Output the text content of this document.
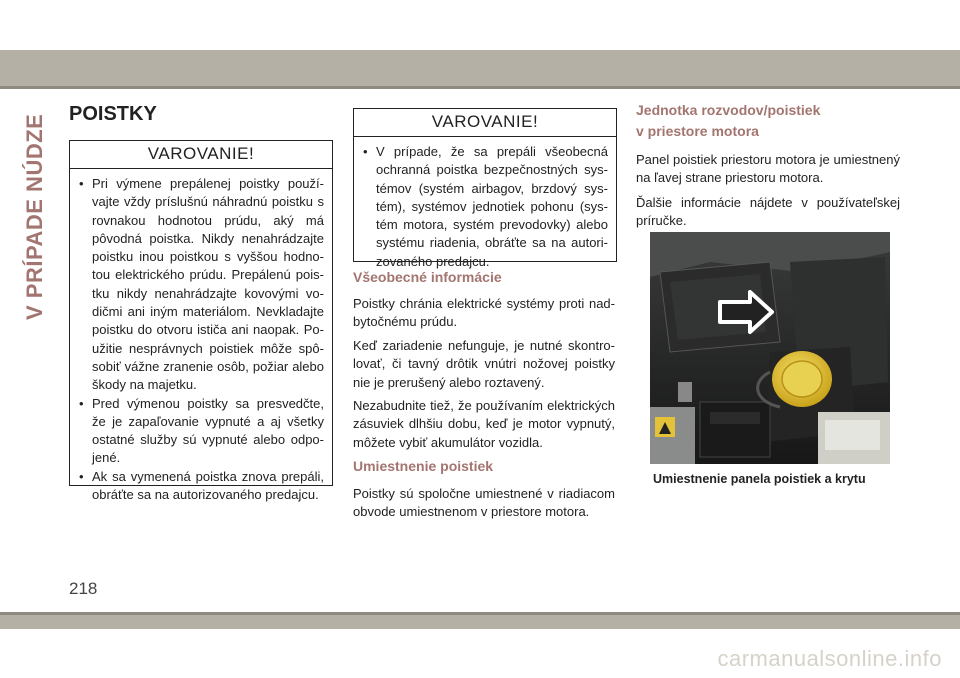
V PRÍPADE NÚDZE POISTKY
VAROVANIE!
• Pri výmene prepálenej poistky používajte vždy príslušnú náhradnú poistku s rovnakou hodnotou prúdu, aký má pôvodná poistka. Nikdy nenahrádzajte poistku inou poistkou s vyššou hodnotou elektrického prúdu. Prepálenú poistku nikdy nenahrádzajte kovovými vodičmi ani iným materiálom. Nevkladajte poistku do otvoru ističa ani naopak. Použitie nesprávnych poistiek môže spôsobiť vážne zranenie osôb, požiar alebo škody na majetku.
• Pred výmenou poistky sa presvedčte, že je zapaľovanie vypnuté a aj všetky ostatné služby sú vypnuté alebo odpojené.
• Ak sa vymenená poistka znova prepáli, obráťte sa na autorizovaného predajcu.
VAROVANIE!
• V prípade, že sa prepáli všeobecná ochranná poistka bezpečnostných systémov (systém airbagov, brzdový systém), systémov jednotiek pohonu (systém motora, systém prevodovky) alebo systému riadenia, obráťte sa na autorizovaného predajcu.
Všeobecné informácie
Poistky chránia elektrické systémy proti nadbytočnému prúdu.
Keď zariadenie nefunguje, je nutné skontrolovať, či tavný drôtik vnútri nožovej poistky nie je prerušený alebo roztavený.
Nezabudnite tiež, že používaním elektrických zásuviek dlhšiu dobu, keď je motor vypnutý, môžete vybiť akumulátor vozidla.
Umiestnenie poistiek
Poistky sú spoločne umiestnené v riadiacom obvode umiestnenom v priestore motora.
Jednotka rozvodov/poistiek
v priestore motora
Panel poistiek priestoru motora je umiestnený na ľavej strane priestoru motora.
Ďalšie informácie nájdete v používateľskej príručke.
Umiestnenie panela poistiek a krytu
218
carmanualsonline.info
